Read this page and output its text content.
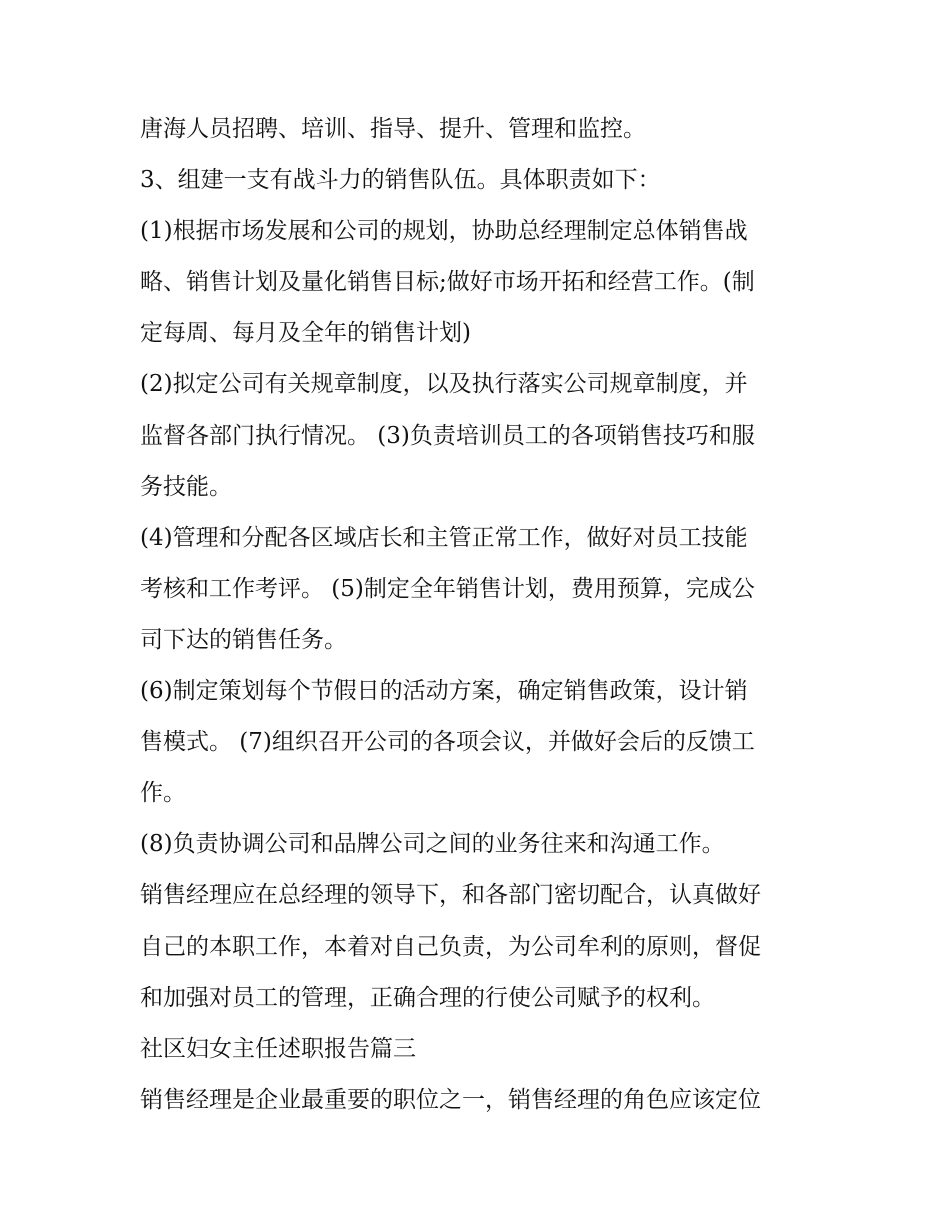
唐海人员招聘、培训、指导、提升、管理和监控。
3、组建一支有战斗力的销售队伍。具体职责如下：
(1)根据市场发展和公司的规划，协助总经理制定总体销售战
略、销售计划及量化销售目标;做好市场开拓和经营工作。(制
定每周、每月及全年的销售计划)
(2)拟定公司有关规章制度，以及执行落实公司规章制度，并
监督各部门执行情况。 (3)负责培训员工的各项销售技巧和服
务技能。
(4)管理和分配各区域店长和主管正常工作，做好对员工技能
考核和工作考评。 (5)制定全年销售计划，费用预算，完成公
司下达的销售任务。
(6)制定策划每个节假日的活动方案，确定销售政策，设计销
售模式。 (7)组织召开公司的各项会议，并做好会后的反馈工
作。
(8)负责协调公司和品牌公司之间的业务往来和沟通工作。
销售经理应在总经理的领导下，和各部门密切配合，认真做好
自己的本职工作，本着对自己负责，为公司牟利的原则，督促
和加强对员工的管理，正确合理的行使公司赋予的权利。
社区妇女主任述职报告篇三
销售经理是企业最重要的职位之一，销售经理的角色应该定位
